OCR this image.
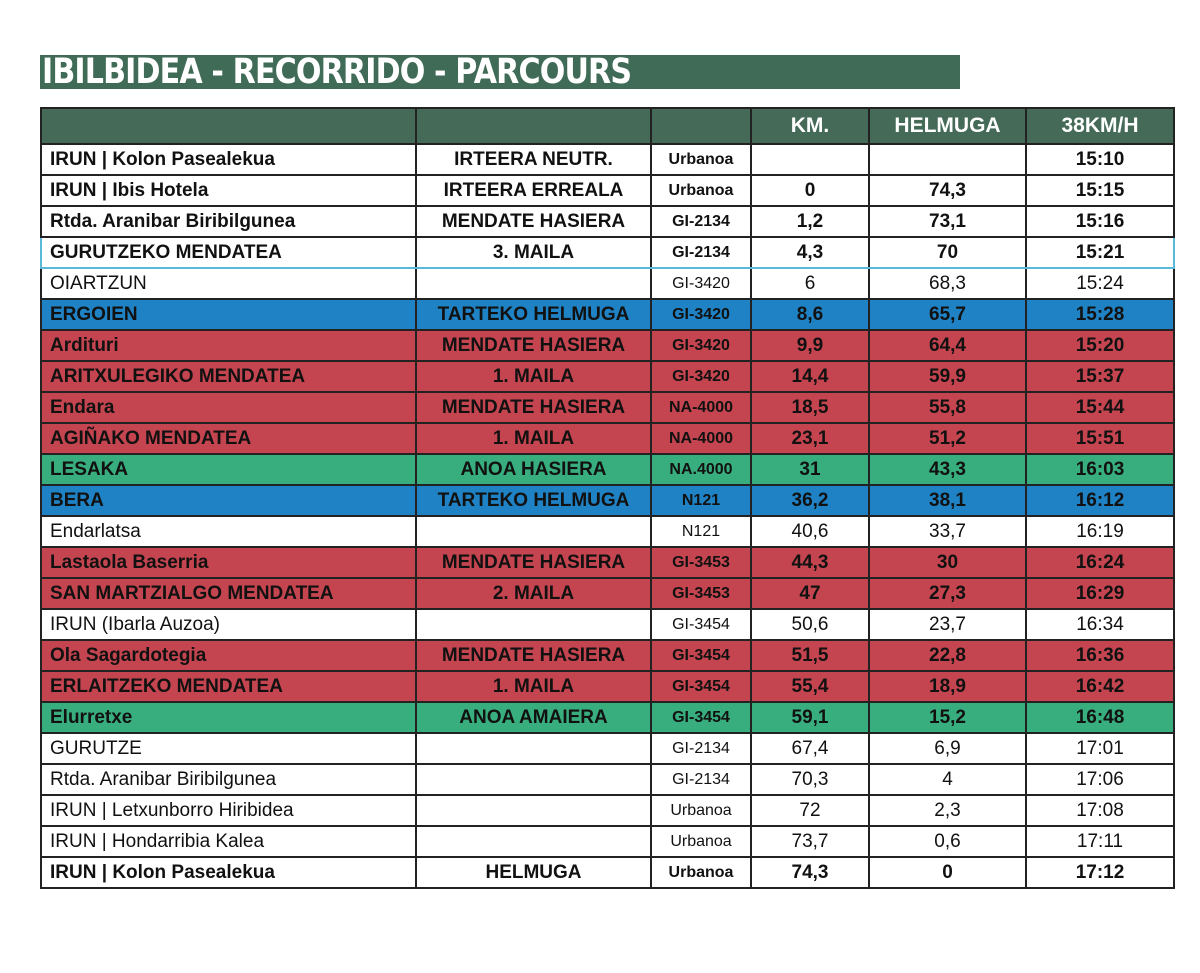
IBILBIDEA - RECORRIDO - PARCOURS
			KM.	HELMUGA	38KM/H
IRUN | Kolon Pasealekua	IRTEERA NEUTR.	Urbanoa			15:10
IRUN | Ibis Hotela	IRTEERA ERREALA	Urbanoa	0	74,3	15:15
Rtda. Aranibar Biribilgunea	MENDATE HASIERA	GI-2134	1,2	73,1	15:16
GURUTZEKO MENDATEA	3. MAILA	GI-2134	4,3	70	15:21
OIARTZUN		GI-3420	6	68,3	15:24
ERGOIEN	TARTEKO HELMUGA	GI-3420	8,6	65,7	15:28
Ardituri	MENDATE HASIERA	GI-3420	9,9	64,4	15:20
ARITXULEGIKO MENDATEA	1. MAILA	GI-3420	14,4	59,9	15:37
Endara	MENDATE HASIERA	NA-4000	18,5	55,8	15:44
AGIÑAKO MENDATEA	1. MAILA	NA-4000	23,1	51,2	15:51
LESAKA	ANOA HASIERA	NA.4000	31	43,3	16:03
BERA	TARTEKO HELMUGA	N121	36,2	38,1	16:12
Endarlatsa		N121	40,6	33,7	16:19
Lastaola Baserria	MENDATE HASIERA	GI-3453	44,3	30	16:24
SAN MARTZIALGO MENDATEA	2. MAILA	GI-3453	47	27,3	16:29
IRUN (Ibarla Auzoa)		GI-3454	50,6	23,7	16:34
Ola Sagardotegia	MENDATE HASIERA	GI-3454	51,5	22,8	16:36
ERLAITZEKO MENDATEA	1. MAILA	GI-3454	55,4	18,9	16:42
Elurretxe	ANOA AMAIERA	GI-3454	59,1	15,2	16:48
GURUTZE		GI-2134	67,4	6,9	17:01
Rtda. Aranibar Biribilgunea		GI-2134	70,3	4	17:06
IRUN | Letxunborro Hiribidea		Urbanoa	72	2,3	17:08
IRUN | Hondarribia Kalea		Urbanoa	73,7	0,6	17:11
IRUN | Kolon Pasealekua	HELMUGA	Urbanoa	74,3	0	17:12
